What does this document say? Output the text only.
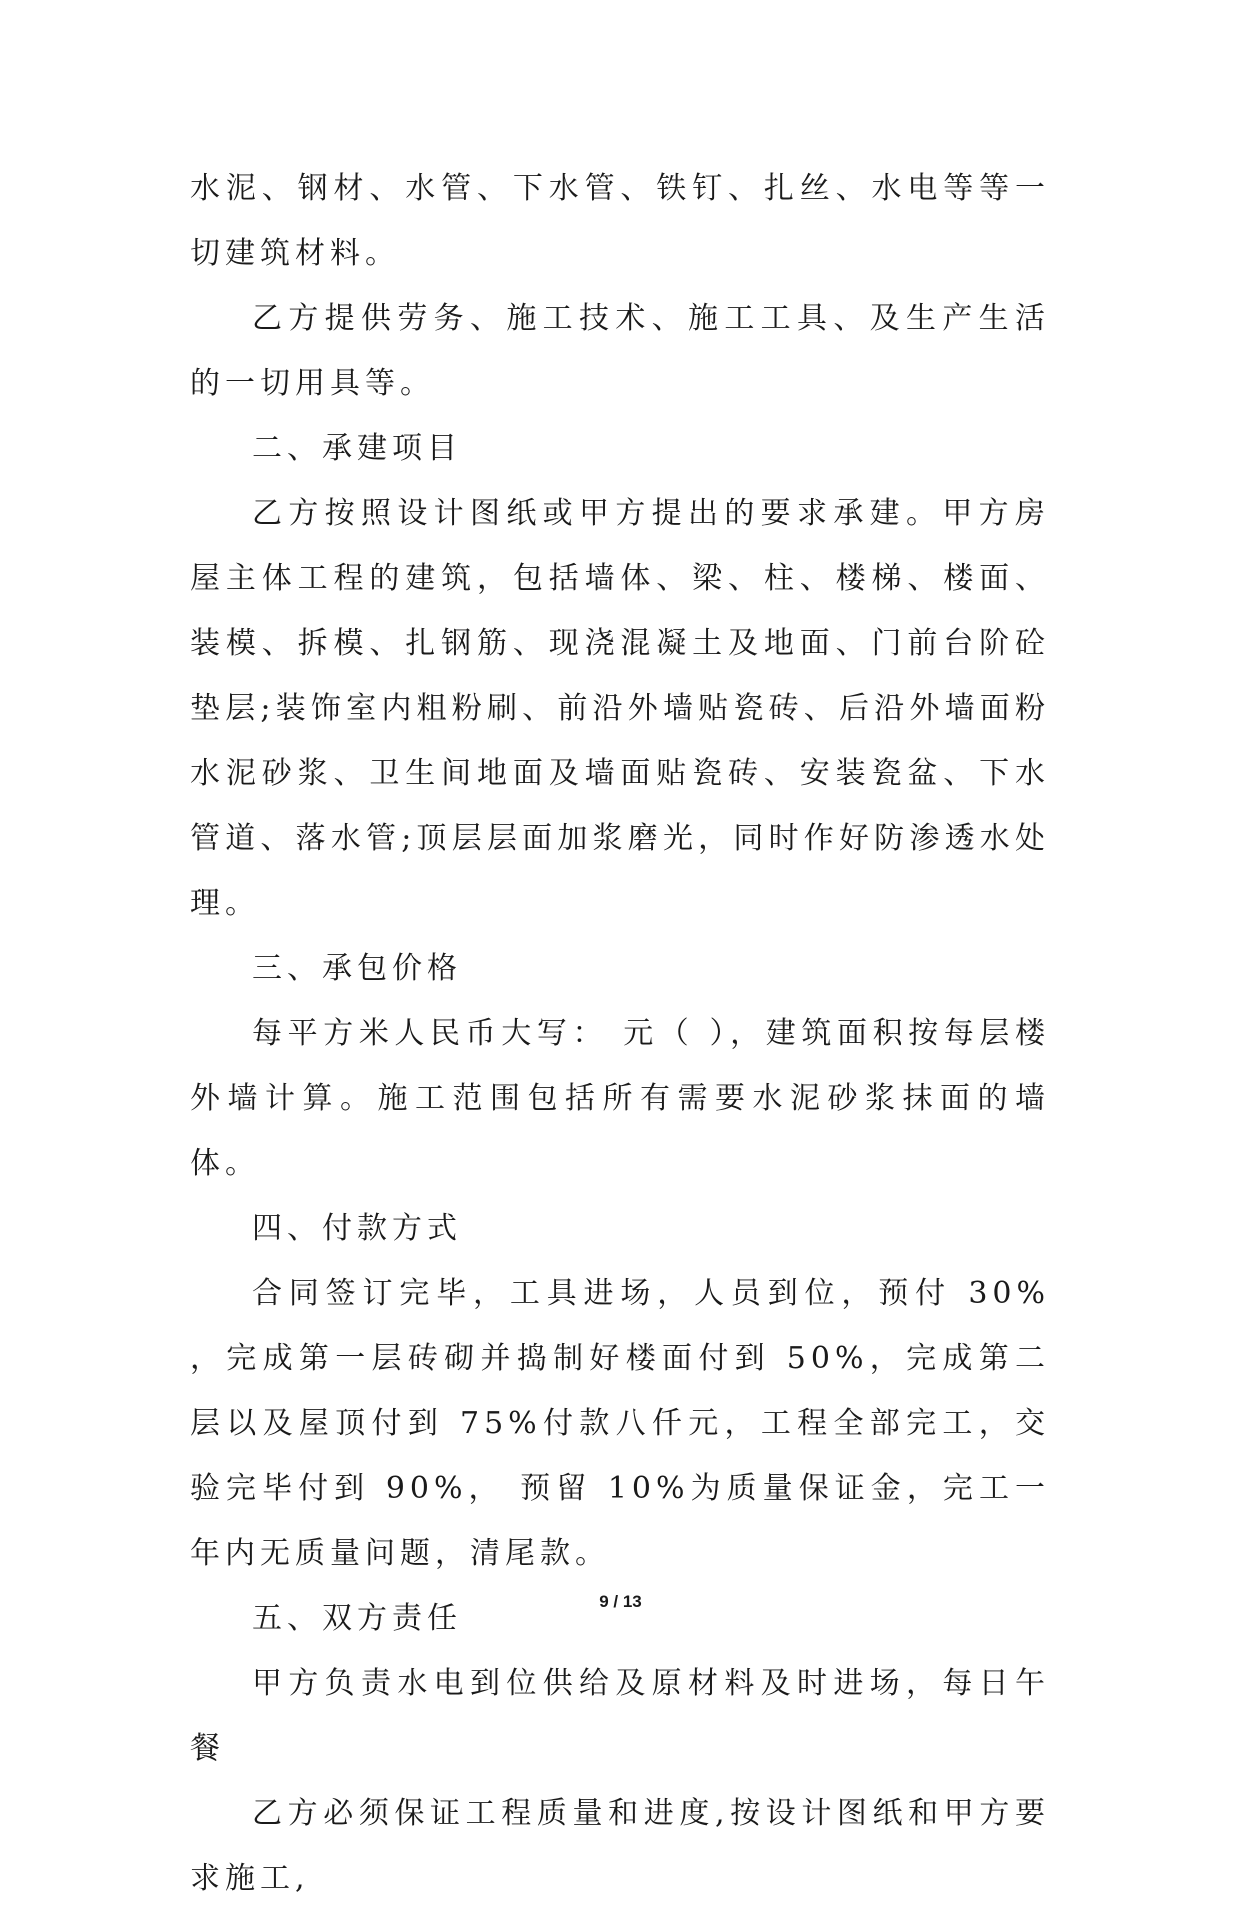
水泥、钢材、水管、下水管、铁钉、扎丝、水电等等一切建筑材料。

乙方提供劳务、施工技术、施工工具、及生产生活的一切用具等。

二、承建项目

乙方按照设计图纸或甲方提出的要求承建。甲方房屋主体工程的建筑，包括墙体、梁、柱、楼梯、楼面、装模、拆模、扎钢筋、现浇混凝土及地面、门前台阶砼垫层;装饰室内粗粉刷、前沿外墙贴瓷砖、后沿外墙面粉水泥砂浆、卫生间地面及墙面贴瓷砖、安装瓷盆、下水管道、落水管;顶层层面加浆磨光，同时作好防渗透水处理。

三、承包价格

每平方米人民币大写： 元（ ），建筑面积按每层楼外墙计算。施工范围包括所有需要水泥砂浆抹面的墙体。

四、付款方式

合同签订完毕，工具进场，人员到位，预付 30% ，完成第一层砖砌并捣制好楼面付到 50%，完成第二层以及屋顶付到 75%付款八仟元，工程全部完工，交验完毕付到 90%， 预留 10%为质量保证金，完工一年内无质量问题，清尾款。

五、双方责任

甲方负责水电到位供给及原材料及时进场，每日午餐

乙方必须保证工程质量和进度,按设计图纸和甲方要求施工,

9 / 13
